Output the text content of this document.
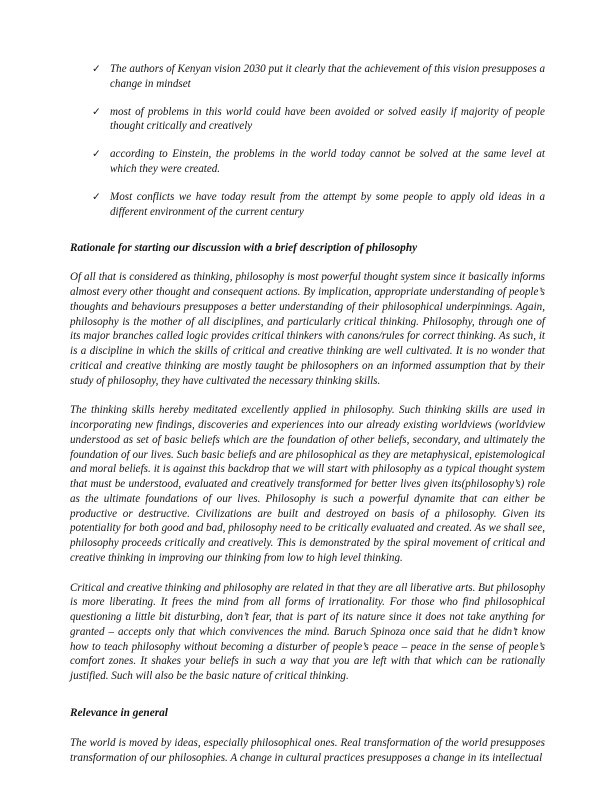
✓ The authors of Kenyan vision 2030 put it clearly that the achievement of this vision presupposes a change in mindset
✓ most of problems in this world could have been avoided or solved easily if majority of people thought critically and creatively
✓ according to Einstein, the problems in the world today cannot be solved at the same level at which they were created.
✓ Most conflicts we have today result from the attempt by some people to apply old ideas in a different environment of the current century
Rationale for starting our discussion with a brief description of philosophy

Of all that is considered as thinking, philosophy is most powerful thought system since it basically informs almost every other thought and consequent actions. By implication, appropriate understanding of people’s thoughts and behaviours presupposes a better understanding of their philosophical underpinnings. Again, philosophy is the mother of all disciplines, and particularly critical thinking. Philosophy, through one of its major branches called logic provides critical thinkers with canons/rules for correct thinking. As such, it is a discipline in which the skills of critical and creative thinking are well cultivated. It is no wonder that critical and creative thinking are mostly taught be philosophers on an informed assumption that by their study of philosophy, they have cultivated the necessary thinking skills.

The thinking skills hereby meditated excellently applied in philosophy. Such thinking skills are used in incorporating new findings, discoveries and experiences into our already existing worldviews (worldview understood as set of basic beliefs which are the foundation of other beliefs, secondary, and ultimately the foundation of our lives. Such basic beliefs and are philosophical as they are metaphysical, epistemological and moral beliefs. it is against this backdrop that we will start with philosophy as a typical thought system that must be understood, evaluated and creatively transformed for better lives given its(philosophy’s) role as the ultimate foundations of our lives. Philosophy is such a powerful dynamite that can either be productive or destructive. Civilizations are built and destroyed on basis of a philosophy. Given its potentiality for both good and bad, philosophy need to be critically evaluated and created. As we shall see, philosophy proceeds critically and creatively. This is demonstrated by the spiral movement of critical and creative thinking in improving our thinking from low to high level thinking.

Critical and creative thinking and philosophy are related in that they are all liberative arts. But philosophy is more liberating. It frees the mind from all forms of irrationality. For those who find philosophical questioning a little bit disturbing, don’t fear, that is part of its nature since it does not take anything for granted – accepts only that which convivences the mind. Baruch Spinoza once said that he didn’t know how to teach philosophy without becoming a disturber of people’s peace – peace in the sense of people’s comfort zones. It shakes your beliefs in such a way that you are left with that which can be rationally justified. Such will also be the basic nature of critical thinking.

Relevance in general

The world is moved by ideas, especially philosophical ones. Real transformation of the world presupposes transformation of our philosophies. A change in cultural practices presupposes a change in its intellectual
